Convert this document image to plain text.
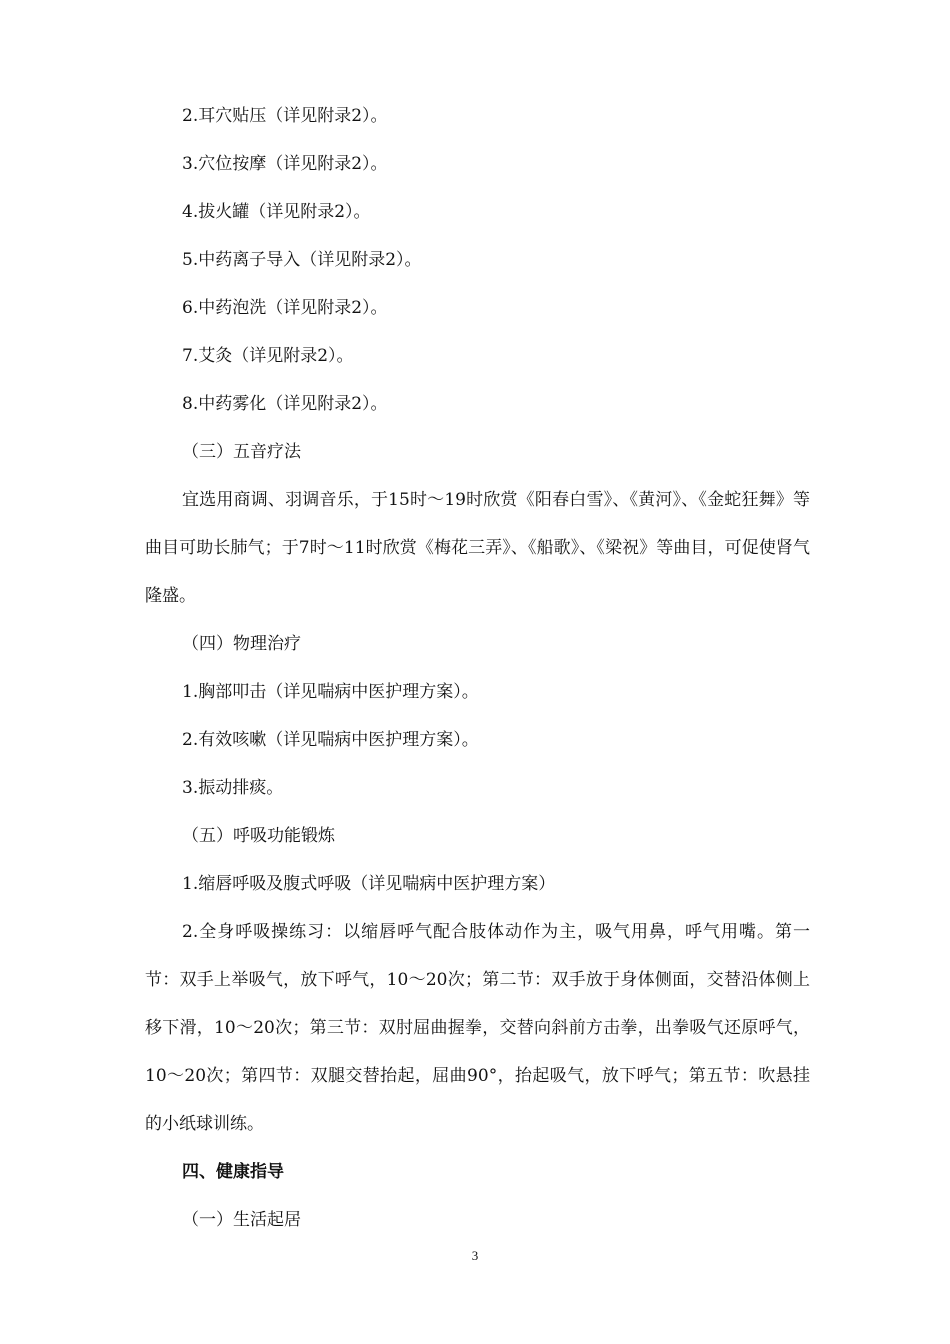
2.耳穴贴压（详见附录2）。
3.穴位按摩（详见附录2）。
4.拔火罐（详见附录2）。
5.中药离子导入（详见附录2）。
6.中药泡洗（详见附录2）。
7.艾灸（详见附录2）。
8.中药雾化（详见附录2）。
（三）五音疗法

宜选用商调、羽调音乐，于15时～19时欣赏《阳春白雪》、《黄河》、《金蛇狂舞》等曲目可助长肺气；于7时～11时欣赏《梅花三弄》、《船歌》、《梁祝》等曲目，可促使肾气隆盛。

（四）物理治疗
1.胸部叩击（详见喘病中医护理方案）。
2.有效咳嗽（详见喘病中医护理方案）。
3.振动排痰。
（五）呼吸功能锻炼
1.缩唇呼吸及腹式呼吸（详见喘病中医护理方案）

2.全身呼吸操练习：以缩唇呼气配合肢体动作为主，吸气用鼻，呼气用嘴。第一节：双手上举吸气，放下呼气，10～20次；第二节：双手放于身体侧面，交替沿体侧上移下滑，10～20次；第三节：双肘屈曲握拳，交替向斜前方击拳，出拳吸气还原呼气，10～20次；第四节：双腿交替抬起，屈曲90°，抬起吸气，放下呼气；第五节：吹悬挂的小纸球训练。

四、健康指导
（一）生活起居
3
